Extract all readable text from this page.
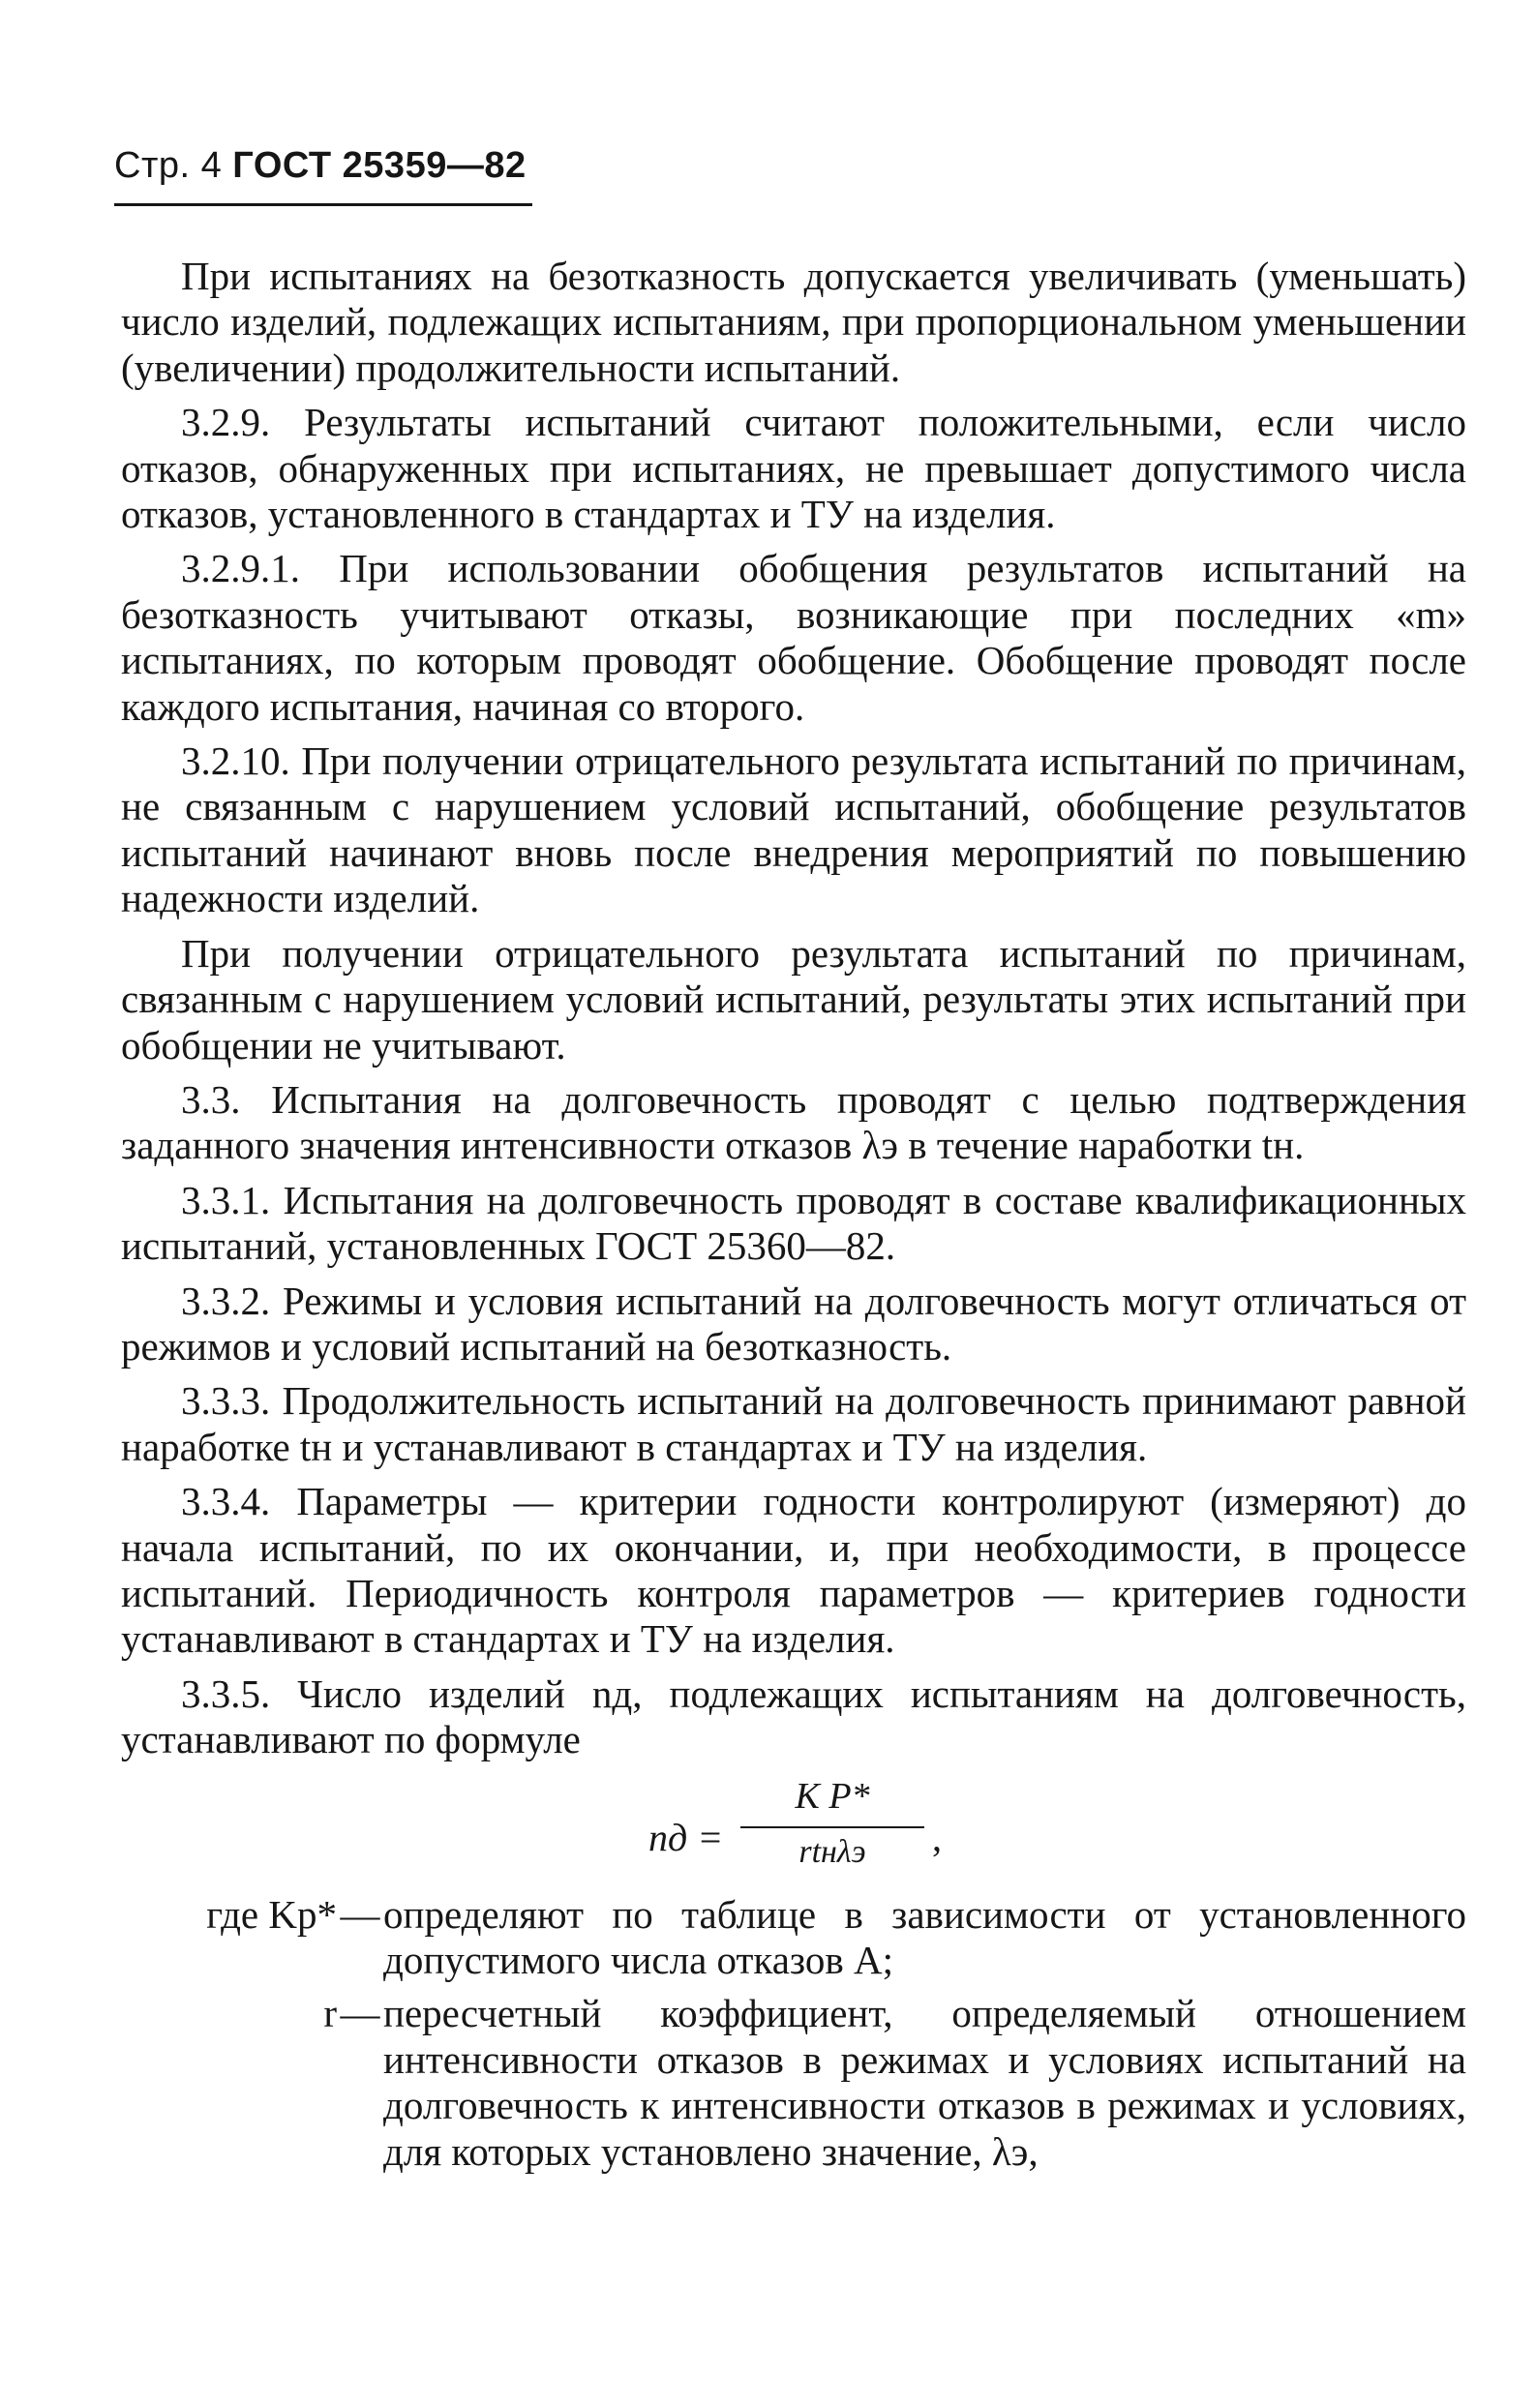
Стр. 4 ГОСТ 25359—82

При испытаниях на безотказность допускается увеличивать (уменьшать) число изделий, подлежащих испытаниям, при пропорциональном уменьшении (увеличении) продолжительности испытаний.

3.2.9. Результаты испытаний считают положительными, если число отказов, обнаруженных при испытаниях, не превышает допустимого числа отказов, установленного в стандартах и ТУ на изделия.

3.2.9.1. При использовании обобщения результатов испытаний на безотказность учитывают отказы, возникающие при последних «m» испытаниях, по которым проводят обобщение. Обобщение проводят после каждого испытания, начиная со второго.

3.2.10. При получении отрицательного результата испытаний по причинам, не связанным с нарушением условий испытаний, обобщение результатов испытаний начинают вновь после внедрения мероприятий по повышению надежности изделий.

При получении отрицательного результата испытаний по причинам, связанным с нарушением условий испытаний, результаты этих испытаний при обобщении не учитывают.

3.3. Испытания на долговечность проводят с целью подтверждения заданного значения интенсивности отказов λэ в течение наработки tн.

3.3.1. Испытания на долговечность проводят в составе квалификационных испытаний, установленных ГОСТ 25360—82.

3.3.2. Режимы и условия испытаний на долговечность могут отличаться от режимов и условий испытаний на безотказность.

3.3.3. Продолжительность испытаний на долговечность принимают равной наработке tн и устанавливают в стандартах и ТУ на изделия.

3.3.4. Параметры — критерии годности контролируют (измеряют) до начала испытаний, по их окончании, и, при необходимости, в процессе испытаний. Периодичность контроля параметров — критериев годности устанавливают в стандартах и ТУ на изделия.

3.3.5. Число изделий nд, подлежащих испытаниям на долговечность, устанавливают по формуле

nд =
K P*
rtнλэ	,
где Kp* — определяют по таблице в зависимости от установленного допустимого числа отказов A;
r — пересчетный коэффициент, определяемый отношением интенсивности отказов в режимах и условиях испытаний на долговечность к интенсивности отказов в режимах и условиях, для которых установлено значение, λэ,
